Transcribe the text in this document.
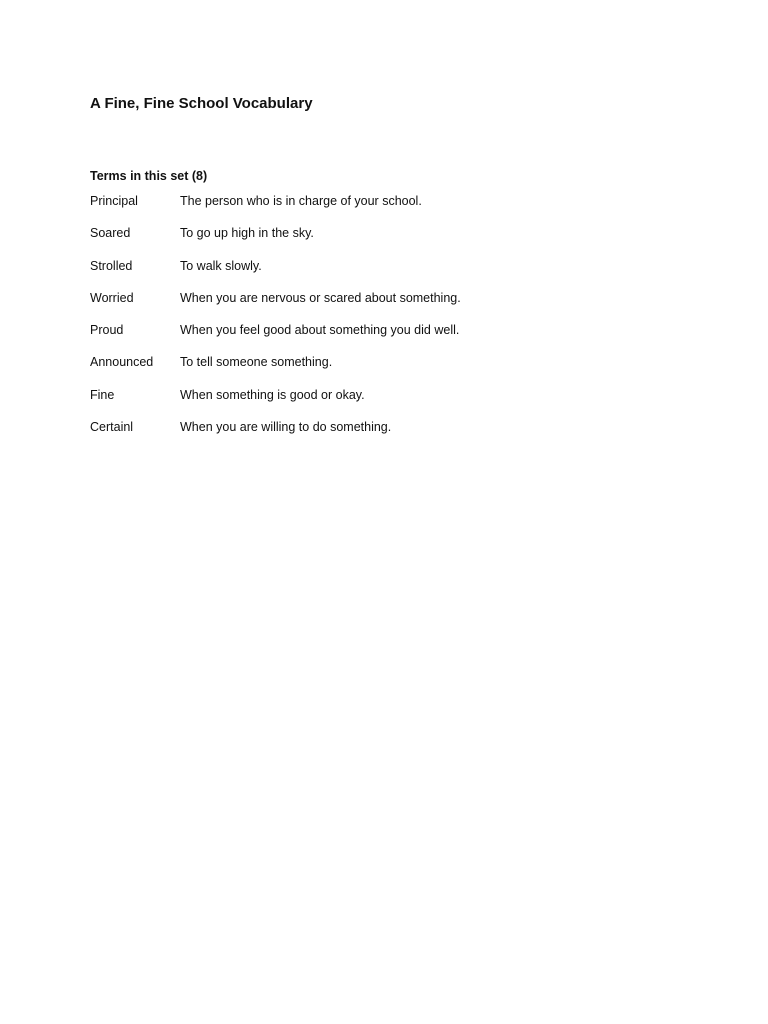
A Fine, Fine School Vocabulary
Terms in this set (8)
Principal	The person who is in charge of your school.
Soared	To go up high in the sky.
Strolled	To walk slowly.
Worried	When you are nervous or scared about something.
Proud	When you feel good about something you did well.
Announced	To tell someone something.
Fine	When something is good or okay.
Certainl	When you are willing to do something.
